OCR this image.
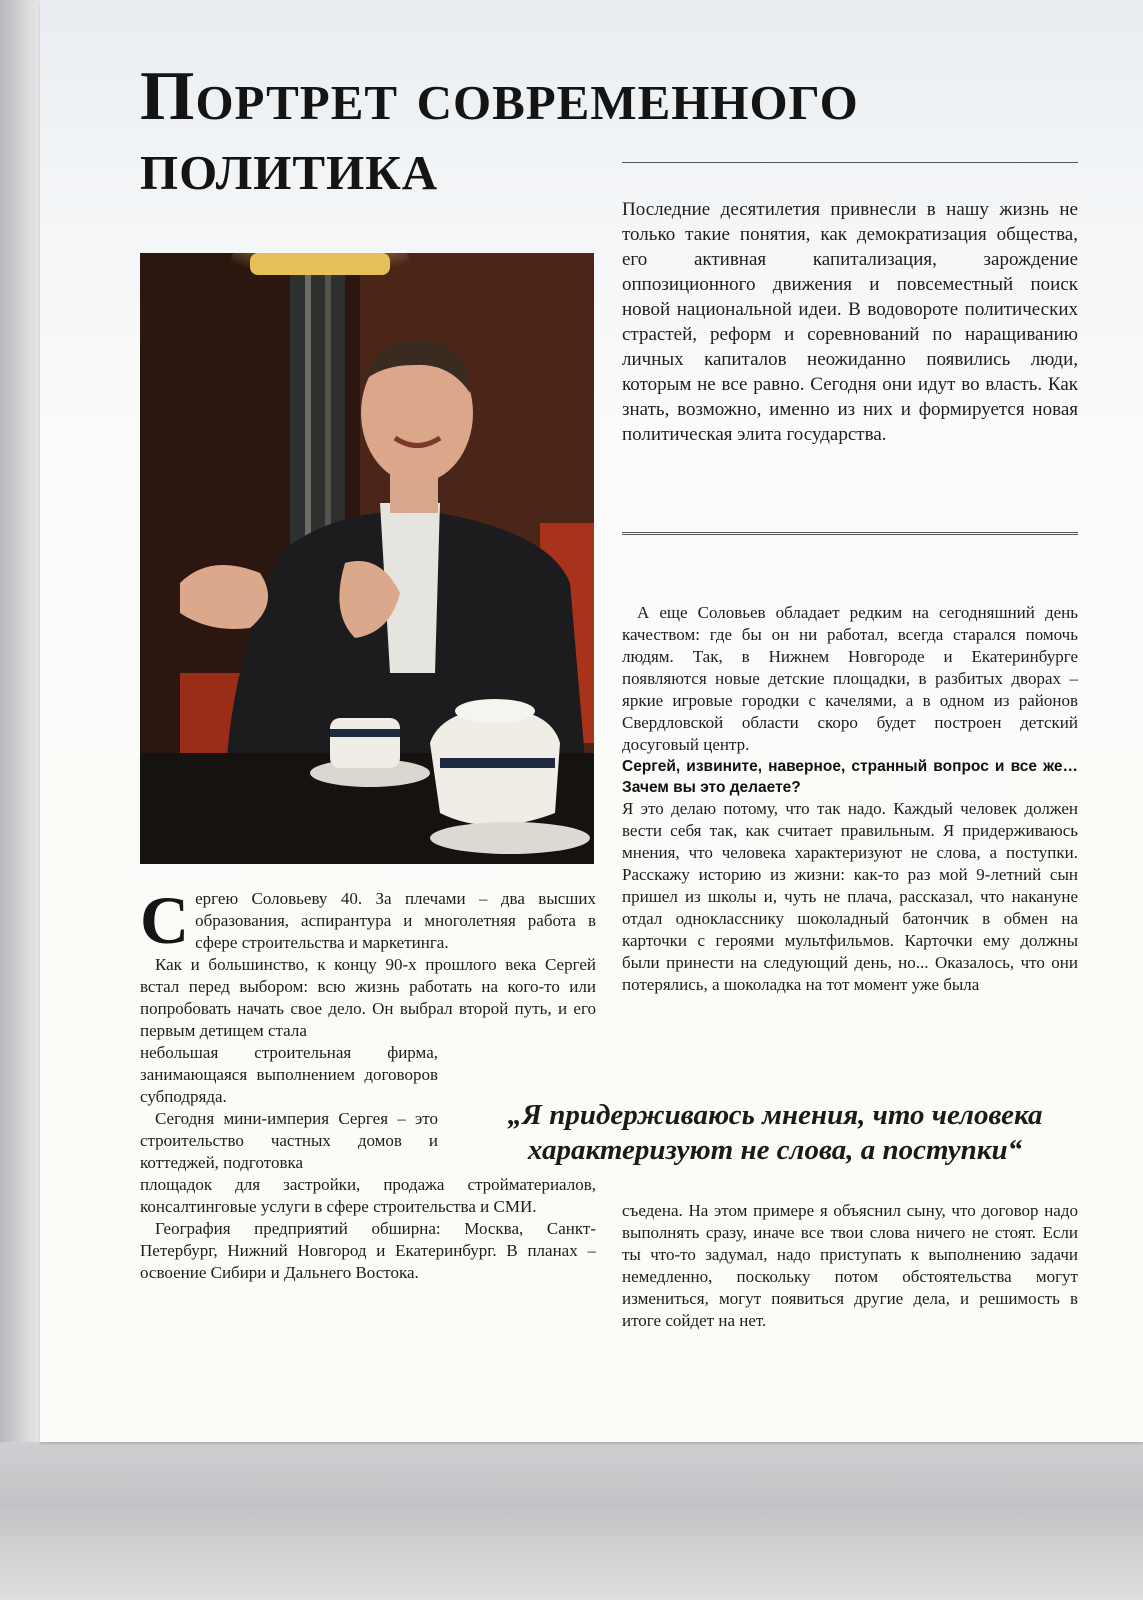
Портрет современного
политика
Последние десятилетия привнесли в нашу жизнь не только такие понятия, как демократизация общества, его активная капитализация, зарождение оппозиционного движения и повсеместный поиск новой национальной идеи. В водовороте политических страстей, реформ и соревнований по наращиванию личных капиталов неожиданно появились люди, которым не все равно. Сегодня они идут во власть. Как знать, возможно, именно из них и формируется новая политическая элита государства.

Сергею Соловьеву 40. За плечами – два высших образования, аспирантура и многолетняя работа в сфере строительства и маркетинга.

Как и большинство, к концу 90-х прошлого века Сергей встал перед выбором: всю жизнь работать на кого-то или попробовать начать свое дело. Он выбрал второй путь, и его первым детищем стала

небольшая строительная фирма, занимающаяся выполнением договоров субподряда.

Сегодня мини-империя Сергея – это строительство частных домов и коттеджей, подготовка

площадок для застройки, продажа стройматериалов, консалтинговые услуги в сфере строительства и СМИ.

География предприятий обширна: Москва, Санкт-Петербург, Нижний Новгород и Екатеринбург. В планах – освоение Сибири и Дальнего Востока.

А еще Соловьев обладает редким на сегодняшний день качеством: где бы он ни работал, всегда старался помочь людям. Так, в Нижнем Новгороде и Екатеринбурге появляются новые детские площадки, в разбитых дворах – яркие игровые городки с качелями, а в одном из районов Свердловской области скоро будет построен детский досуговый центр.

Сергей, извините, наверное, странный вопрос и все же… Зачем вы это делаете?

Я это делаю потому, что так надо. Каждый человек должен вести себя так, как считает правильным. Я придерживаюсь мнения, что человека характеризуют не слова, а поступки. Расскажу историю из жизни: как-то раз мой 9-летний сын пришел из школы и, чуть не плача, рассказал, что накануне отдал однокласснику шоколадный батончик в обмен на карточки с героями мультфильмов. Карточки ему должны были принести на следующий день, но... Оказалось, что они потерялись, а шоколадка на тот момент уже была

„Я придерживаюсь мнения, что человека характеризуют не слова, а поступки“

съедена. На этом примере я объяснил сыну, что договор надо выполнять сразу, иначе все твои слова ничего не стоят. Если ты что-то задумал, надо приступать к выполнению задачи немедленно, поскольку потом обстоятельства могут измениться, могут появиться другие дела, и решимость в итоге сойдет на нет.
